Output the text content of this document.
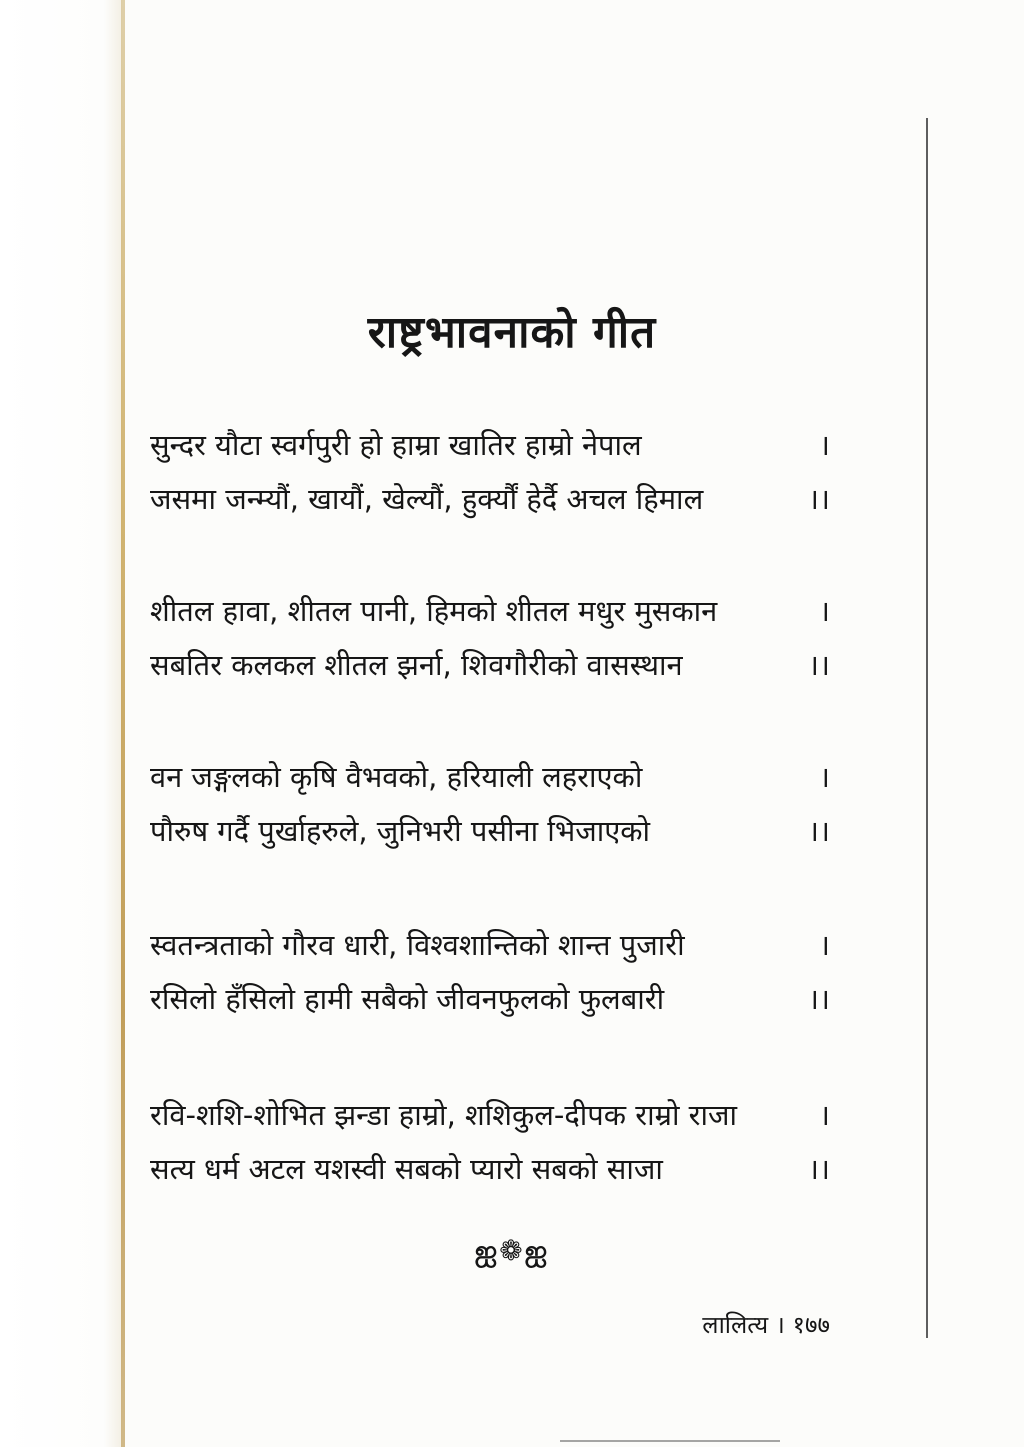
राष्ट्रभावनाको गीत
सुन्दर यौटा स्वर्गपुरी हो हाम्रा खातिर हाम्रो नेपाल	।
जसमा जन्म्यौं, खायौं, खेल्यौं, हुर्क्यौं हेर्दै अचल हिमाल	।।
शीतल हावा, शीतल पानी, हिमको शीतल मधुर मुसकान	।
सबतिर कलकल शीतल झर्ना, शिवगौरीको वासस्थान	।।
वन जङ्गलको कृषि वैभवको, हरियाली लहराएको	।
पौरुष गर्दै पुर्खाहरुले, जुनिभरी पसीना भिजाएको	।।
स्वतन्त्रताको गौरव धारी, विश्वशान्तिको शान्त पुजारी	।
रसिलो हँसिलो हामी सबैको जीवनफुलको फुलबारी	।।
रवि-शशि-शोभित झन्डा हाम्रो, शशिकुल-दीपक राम्रो राजा	।
सत्य धर्म अटल यशस्वी सबको प्यारो सबको साजा	।।
ஐ❁ஐ
लालित्य । १७७
